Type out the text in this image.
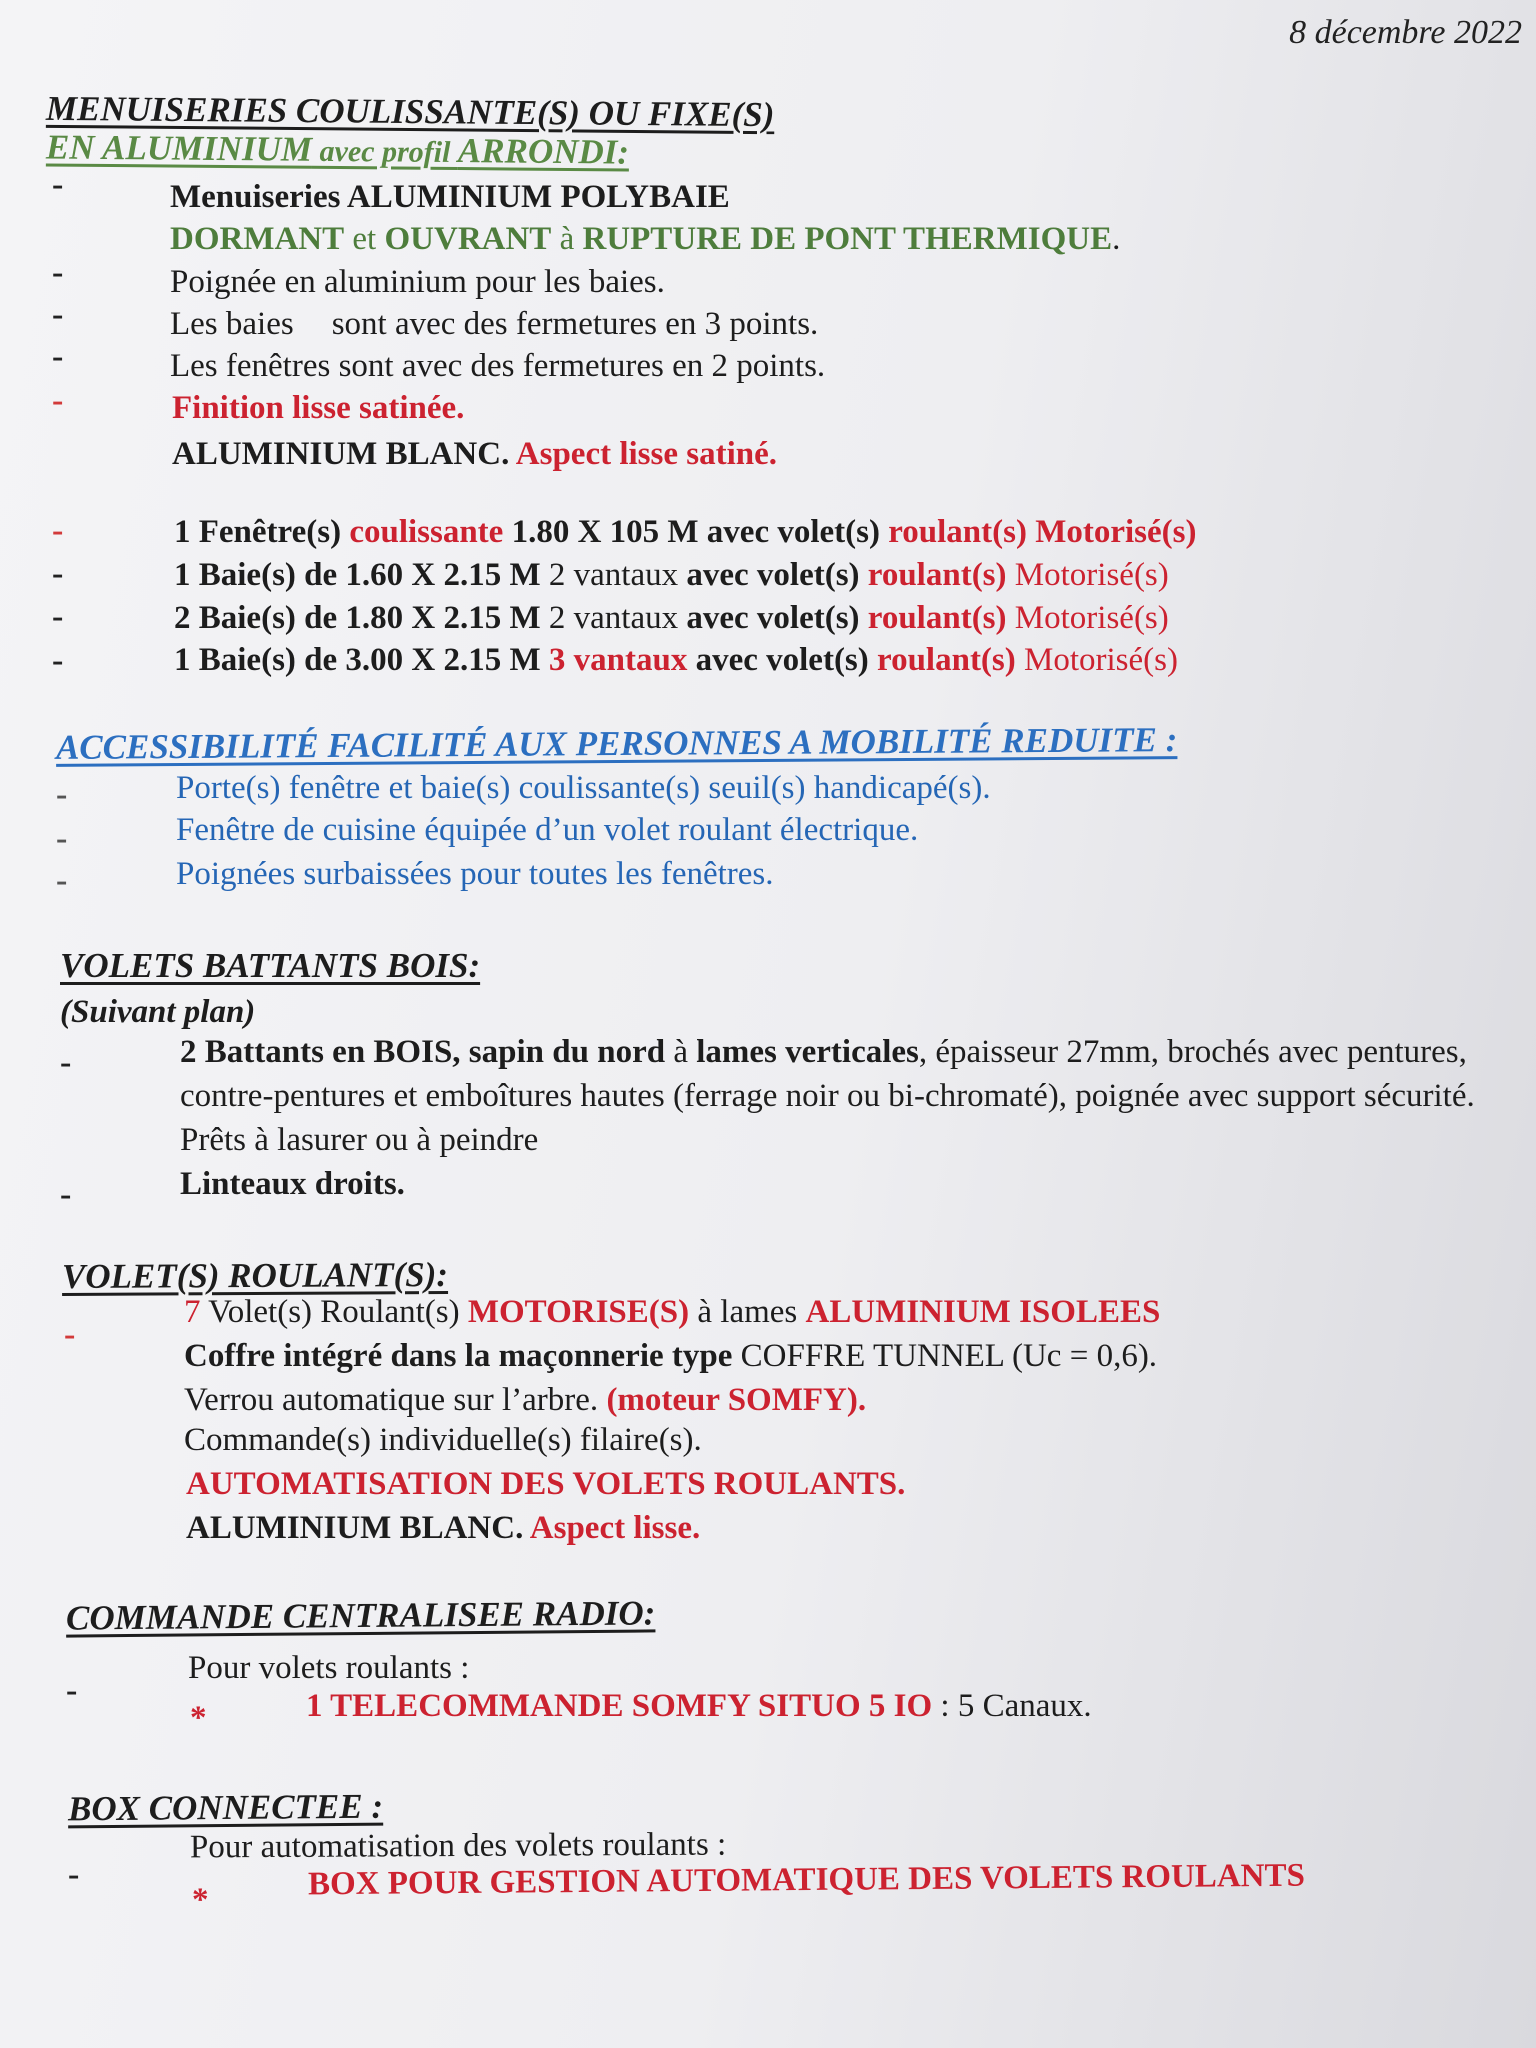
8 décembre 2022
MENUISERIES COULISSANTE(S) OU FIXE(S)
EN ALUMINIUM avec profil ARRONDI:
-	Menuiseries ALUMINIUM POLYBAIE
DORMANT et OUVRANT à RUPTURE DE PONT THERMIQUE.
-	Poignée en aluminium pour les baies.
-	Les baies sont avec des fermetures en 3 points.
-	Les fenêtres sont avec des fermetures en 2 points.
-	Finition lisse satinée.
ALUMINIUM BLANC. Aspect lisse satiné.
-	1 Fenêtre(s) coulissante 1.80 X 105 M avec volet(s) roulant(s) Motorisé(s)
-	1 Baie(s) de 1.60 X 2.15 M 2 vantaux avec volet(s) roulant(s) Motorisé(s)
-	2 Baie(s) de 1.80 X 2.15 M 2 vantaux avec volet(s) roulant(s) Motorisé(s)
-	1 Baie(s) de 3.00 X 2.15 M 3 vantaux avec volet(s) roulant(s) Motorisé(s)
ACCESSIBILITÉ FACILITÉ AUX PERSONNES A MOBILITÉ REDUITE :
-	Porte(s) fenêtre et baie(s) coulissante(s) seuil(s) handicapé(s).
-	Fenêtre de cuisine équipée d’un volet roulant électrique.
-	Poignées surbaissées pour toutes les fenêtres.
VOLETS BATTANTS BOIS:
(Suivant plan)
-	2 Battants en BOIS, sapin du nord à lames verticales, épaisseur 27mm, brochés avec pentures, contre-pentures et emboîtures hautes (ferrage noir ou bi-chromaté), poignée avec support sécurité. Prêts à lasurer ou à peindre
-	Linteaux droits.
VOLET(S) ROULANT(S):
-
7 Volet(s) Roulant(s) MOTORISE(S) à lames ALUMINIUM ISOLEES
Coffre intégré dans la maçonnerie type COFFRE TUNNEL (Uc = 0,6).
Verrou automatique sur l’arbre. (moteur SOMFY).
Commande(s) individuelle(s) filaire(s).
AUTOMATISATION DES VOLETS ROULANTS.
ALUMINIUM BLANC. Aspect lisse.
COMMANDE CENTRALISEE RADIO:
-
Pour volets roulants :
*	1 TELECOMMANDE SOMFY SITUO 5 IO : 5 Canaux.
BOX CONNECTEE :
-
Pour automatisation des volets roulants :
*	BOX POUR GESTION AUTOMATIQUE DES VOLETS ROULANTS
